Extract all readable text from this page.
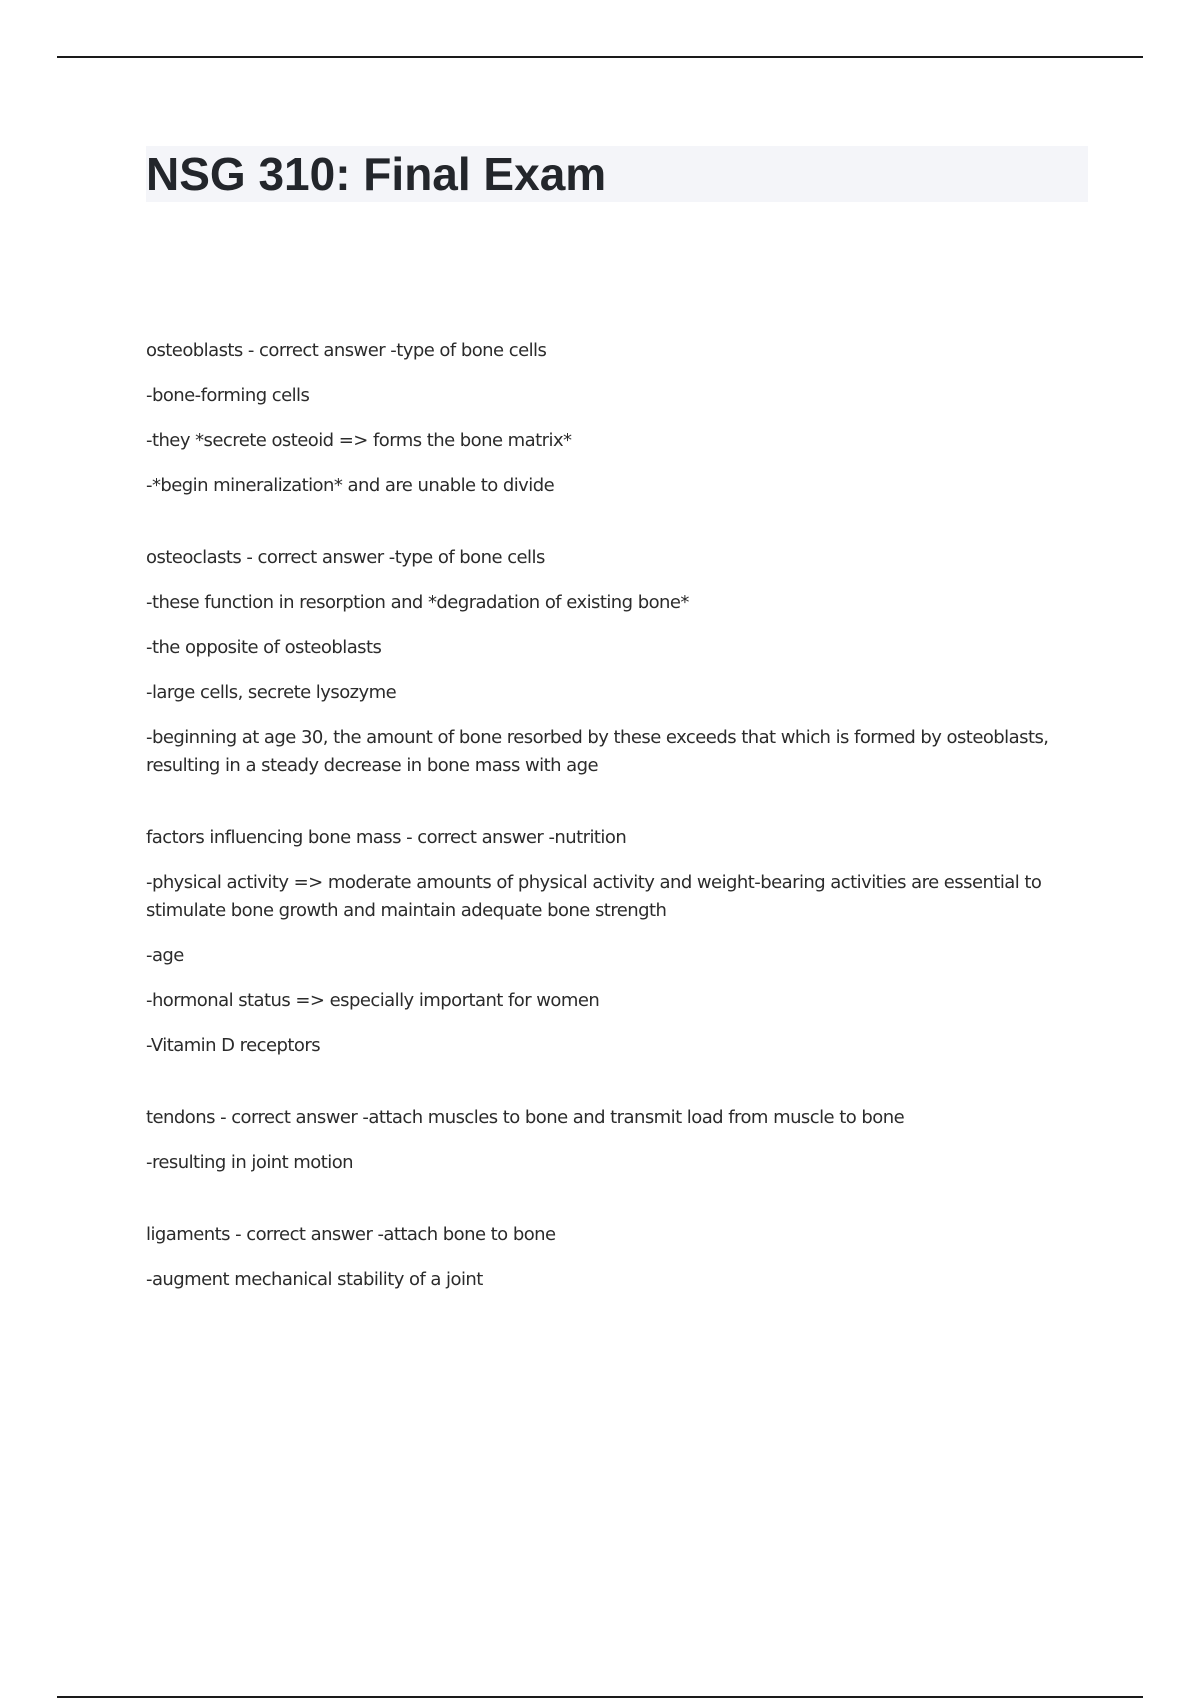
NSG 310: Final Exam

osteoblasts - correct answer -type of bone cells

-bone-forming cells

-they *secrete osteoid => forms the bone matrix*

-*begin mineralization* and are unable to divide

osteoclasts - correct answer -type of bone cells

-these function in resorption and *degradation of existing bone*

-the opposite of osteoblasts

-large cells, secrete lysozyme

-beginning at age 30, the amount of bone resorbed by these exceeds that which is formed by osteoblasts, resulting in a steady decrease in bone mass with age

factors influencing bone mass - correct answer -nutrition

-physical activity => moderate amounts of physical activity and weight-bearing activities are essential to stimulate bone growth and maintain adequate bone strength

-age

-hormonal status => especially important for women

-Vitamin D receptors

tendons - correct answer -attach muscles to bone and transmit load from muscle to bone

-resulting in joint motion

ligaments - correct answer -attach bone to bone

-augment mechanical stability of a joint
